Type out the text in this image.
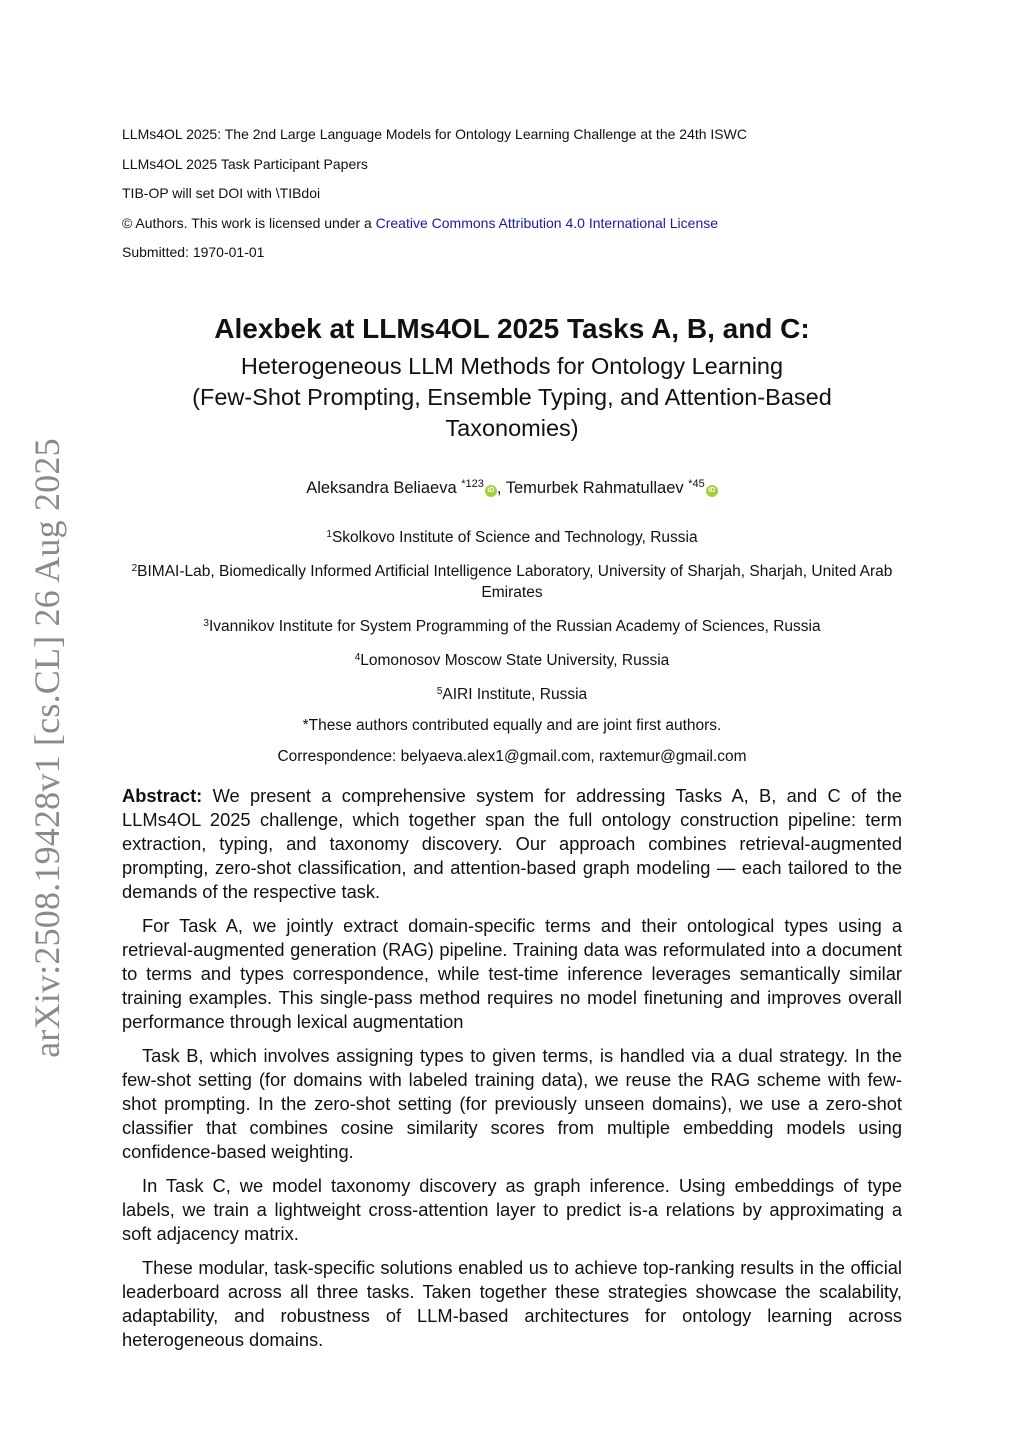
arXiv:2508.19428v1 [cs.CL] 26 Aug 2025
LLMs4OL 2025: The 2nd Large Language Models for Ontology Learning Challenge at the 24th ISWC
LLMs4OL 2025 Task Participant Papers
TIB-OP will set DOI with \TIBdoi
© Authors. This work is licensed under a Creative Commons Attribution 4.0 International License
Submitted: 1970-01-01
Alexbek at LLMs4OL 2025 Tasks A, B, and C:
Heterogeneous LLM Methods for Ontology Learning
(Few-Shot Prompting, Ensemble Typing, and Attention-Based
Taxonomies)
Aleksandra Beliaeva $^{*123}$iD , Temurbek Rahmatullaev $^{*45}$iD

$^1$Skolkovo Institute of Science and Technology, Russia

$^2$BIMAI-Lab, Biomedically Informed Artificial Intelligence Laboratory, University of Sharjah, Sharjah, United Arab Emirates

$^3$Ivannikov Institute for System Programming of the Russian Academy of Sciences, Russia

$^4$Lomonosov Moscow State University, Russia

$^5$AIRI Institute, Russia

*These authors contributed equally and are joint first authors.

Correspondence: belyaeva.alex1@gmail.com, raxtemur@gmail.com

Abstract: We present a comprehensive system for addressing Tasks A, B, and C of the LLMs4OL 2025 challenge, which together span the full ontology construction pipeline: term extraction, typing, and taxonomy discovery. Our approach combines retrieval-augmented prompting, zero-shot classification, and attention-based graph modeling — each tailored to the demands of the respective task.

For Task A, we jointly extract domain-specific terms and their ontological types using a retrieval-augmented generation (RAG) pipeline. Training data was reformulated into a document to terms and types correspondence, while test-time inference leverages semantically similar training examples. This single-pass method requires no model finetuning and improves overall performance through lexical augmentation

Task B, which involves assigning types to given terms, is handled via a dual strategy. In the few-shot setting (for domains with labeled training data), we reuse the RAG scheme with few-shot prompting. In the zero-shot setting (for previously unseen domains), we use a zero-shot classifier that combines cosine similarity scores from multiple embedding models using confidence-based weighting.

In Task C, we model taxonomy discovery as graph inference. Using embeddings of type labels, we train a lightweight cross-attention layer to predict is-a relations by approximating a soft adjacency matrix.

These modular, task-specific solutions enabled us to achieve top-ranking results in the official leaderboard across all three tasks. Taken together these strategies showcase the scalability, adaptability, and robustness of LLM-based architectures for ontology learning across heterogeneous domains.
